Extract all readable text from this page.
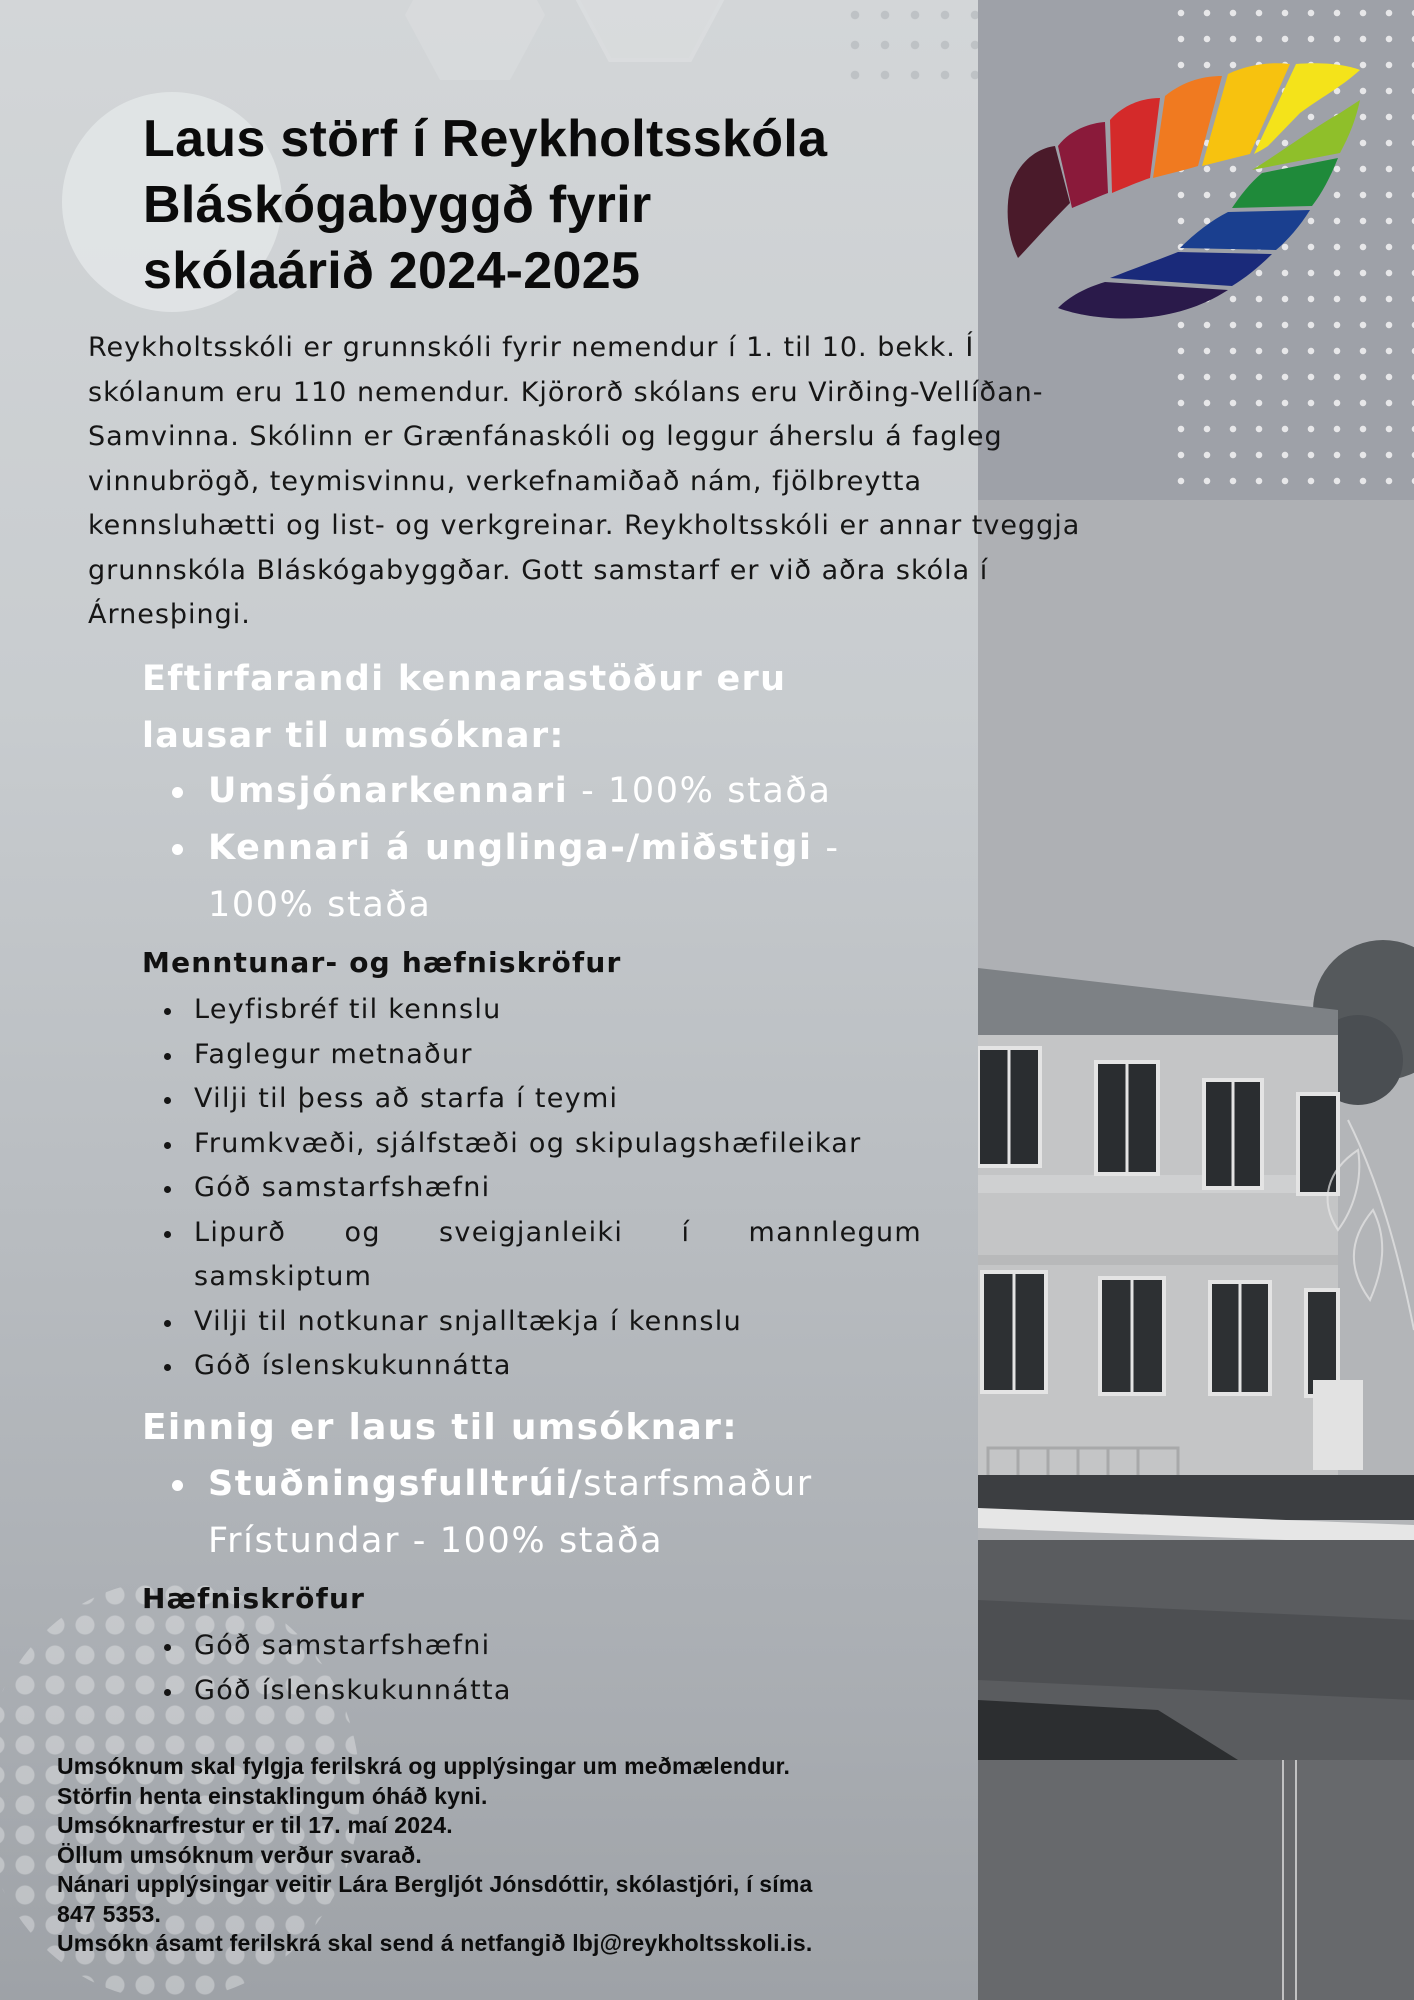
Laus störf í Reykholtsskóla
Bláskógabyggð fyrir
skólaárið 2024-2025

Reykholtsskóli er grunnskóli fyrir nemendur í 1. til 10. bekk. Í skólanum eru 110 nemendur. Kjörorð skólans eru Virðing-Vellíðan-Samvinna. Skólinn er Grænfánaskóli og leggur áherslu á fagleg vinnubrögð, teymisvinnu, verkefnamiðað nám, fjölbreytta kennsluhætti og list- og verkgreinar. Reykholtsskóli er annar tveggja grunnskóla Bláskógabyggðar. Gott samstarf er við aðra skóla í Árnesþingi.

Eftirfarandi kennarastöður eru lausar til umsóknar:
Umsjónarkennari - 100% staða
Kennari á unglinga-/miðstigi - 100% staða
Menntunar- og hæfniskröfur
Leyfisbréf til kennslu
Faglegur metnaður
Vilji til þess að starfa í teymi
Frumkvæði, sjálfstæði og skipulagshæfileikar
Góð samstarfshæfni
Lipurð og sveigjanleiki í mannlegum samskiptum
Vilji til notkunar snjalltækja í kennslu
Góð íslenskukunnátta
Einnig er laus til umsóknar:
Stuðningsfulltrúi/starfsmaður Frístundar - 100% staða
Hæfniskröfur
Góð samstarfshæfni
Góð íslenskukunnátta

Umsóknum skal fylgja ferilskrá og upplýsingar um meðmælendur.

Störfin henta einstaklingum óháð kyni.

Umsóknarfrestur er til 17. maí 2024.

Öllum umsóknum verður svarað.

Nánari upplýsingar veitir Lára Bergljót Jónsdóttir, skólastjóri, í síma

847 5353.

Umsókn ásamt ferilskrá skal send á netfangið lbj@reykholtsskoli.is.
